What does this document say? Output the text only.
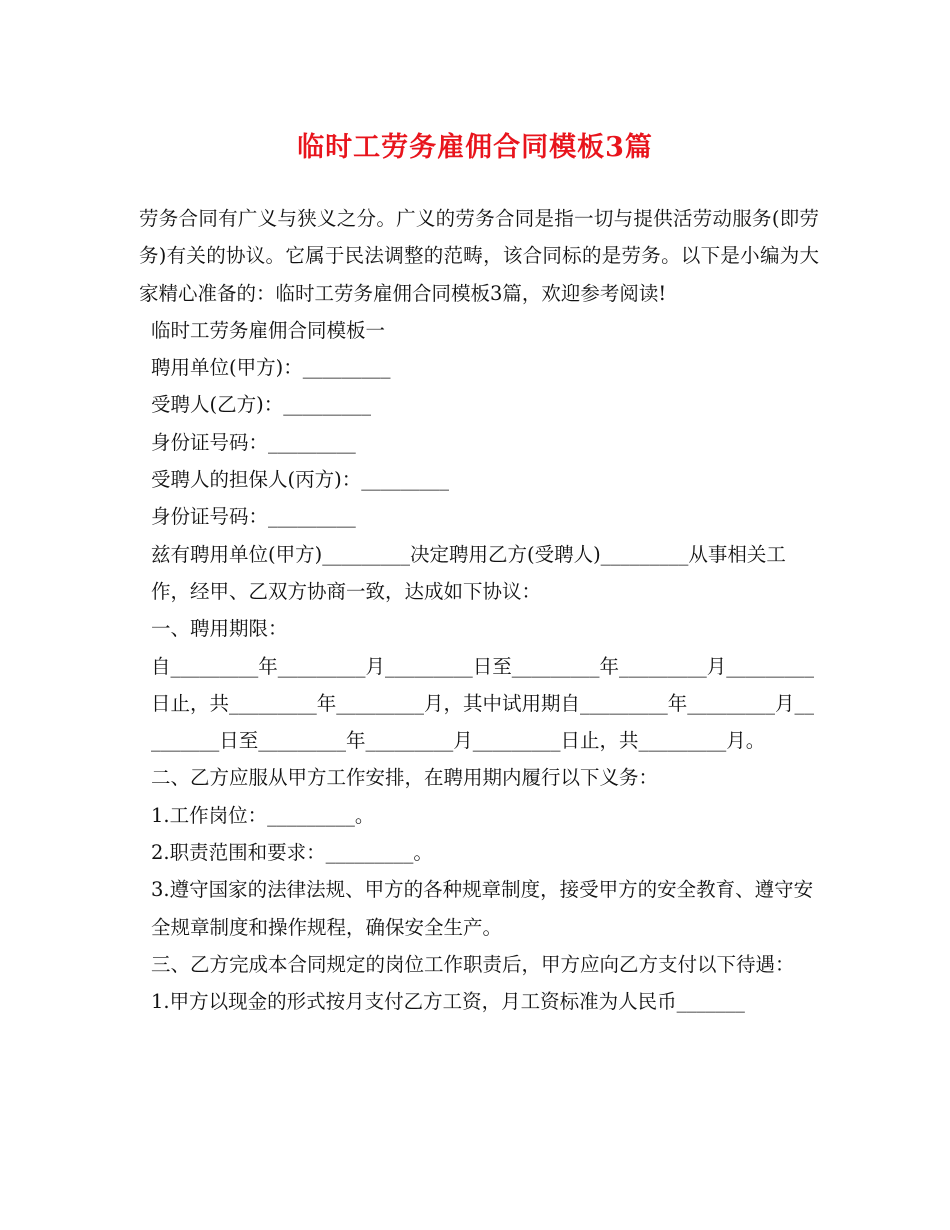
临时工劳务雇佣合同模板3篇

劳务合同有广义与狭义之分。广义的劳务合同是指一切与提供活劳动服务(即劳务)有关的协议。它属于民法调整的范畴，该合同标的是劳务。以下是小编为大家精心准备的：临时工劳务雇佣合同模板3篇，欢迎参考阅读!

临时工劳务雇佣合同模板一

聘用单位(甲方)：_________

受聘人(乙方)：_________

身份证号码：_________

受聘人的担保人(丙方)：_________

身份证号码：_________

兹有聘用单位(甲方)_________决定聘用乙方(受聘人)_________从事相关工作，经甲、乙双方协商一致，达成如下协议：

一、聘用期限：

自_________年_________月_________日至_________年_________月_________日止，共_________年_________月，其中试用期自_________年_________月_________日至_________年_________月_________日止，共_________月。

二、乙方应服从甲方工作安排，在聘用期内履行以下义务：

1.工作岗位：_________。

2.职责范围和要求：_________。

3.遵守国家的法律法规、甲方的各种规章制度，接受甲方的安全教育、遵守安全规章制度和操作规程，确保安全生产。

三、乙方完成本合同规定的岗位工作职责后，甲方应向乙方支付以下待遇：

1.甲方以现金的形式按月支付乙方工资，月工资标准为人民币_______
